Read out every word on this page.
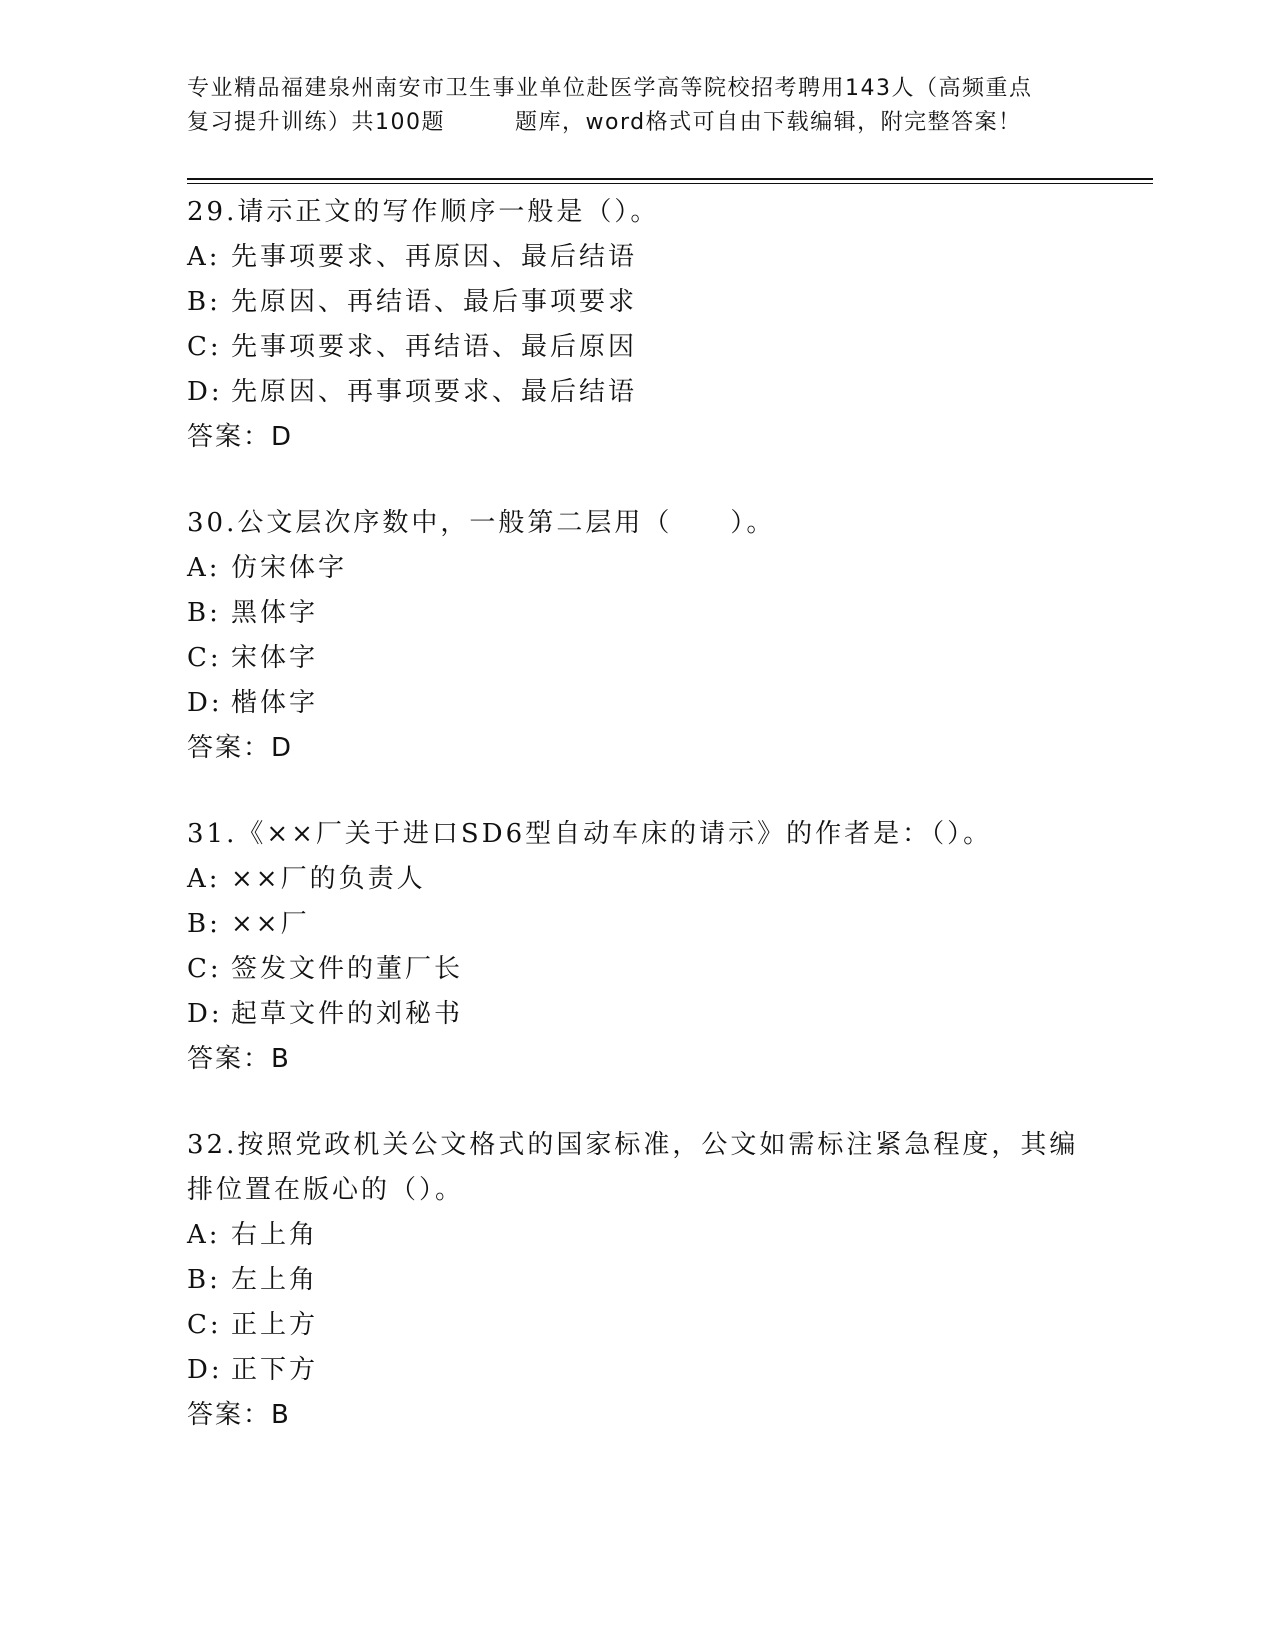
专业精品福建泉州南安市卫生事业单位赴医学高等院校招考聘用143人（高频重点
复习提升训练）共100题	题库，word格式可自由下载编辑，附完整答案！

29.请示正文的写作顺序一般是（）。

A: 先事项要求、再原因、最后结语

B: 先原因、再结语、最后事项要求

C: 先事项要求、再结语、最后原因

D: 先原因、再事项要求、最后结语

答案：D

30.公文层次序数中，一般第二层用（　　）。

A: 仿宋体字

B: 黑体字

C: 宋体字

D: 楷体字

答案：D

31.《××厂关于进口SD6型自动车床的请示》的作者是：（）。

A: ××厂的负责人

B: ××厂

C: 签发文件的董厂长

D: 起草文件的刘秘书

答案：B

32.按照党政机关公文格式的国家标准，公文如需标注紧急程度，其编排位置在版心的（）。

A: 右上角

B: 左上角

C: 正上方

D: 正下方

答案：B
